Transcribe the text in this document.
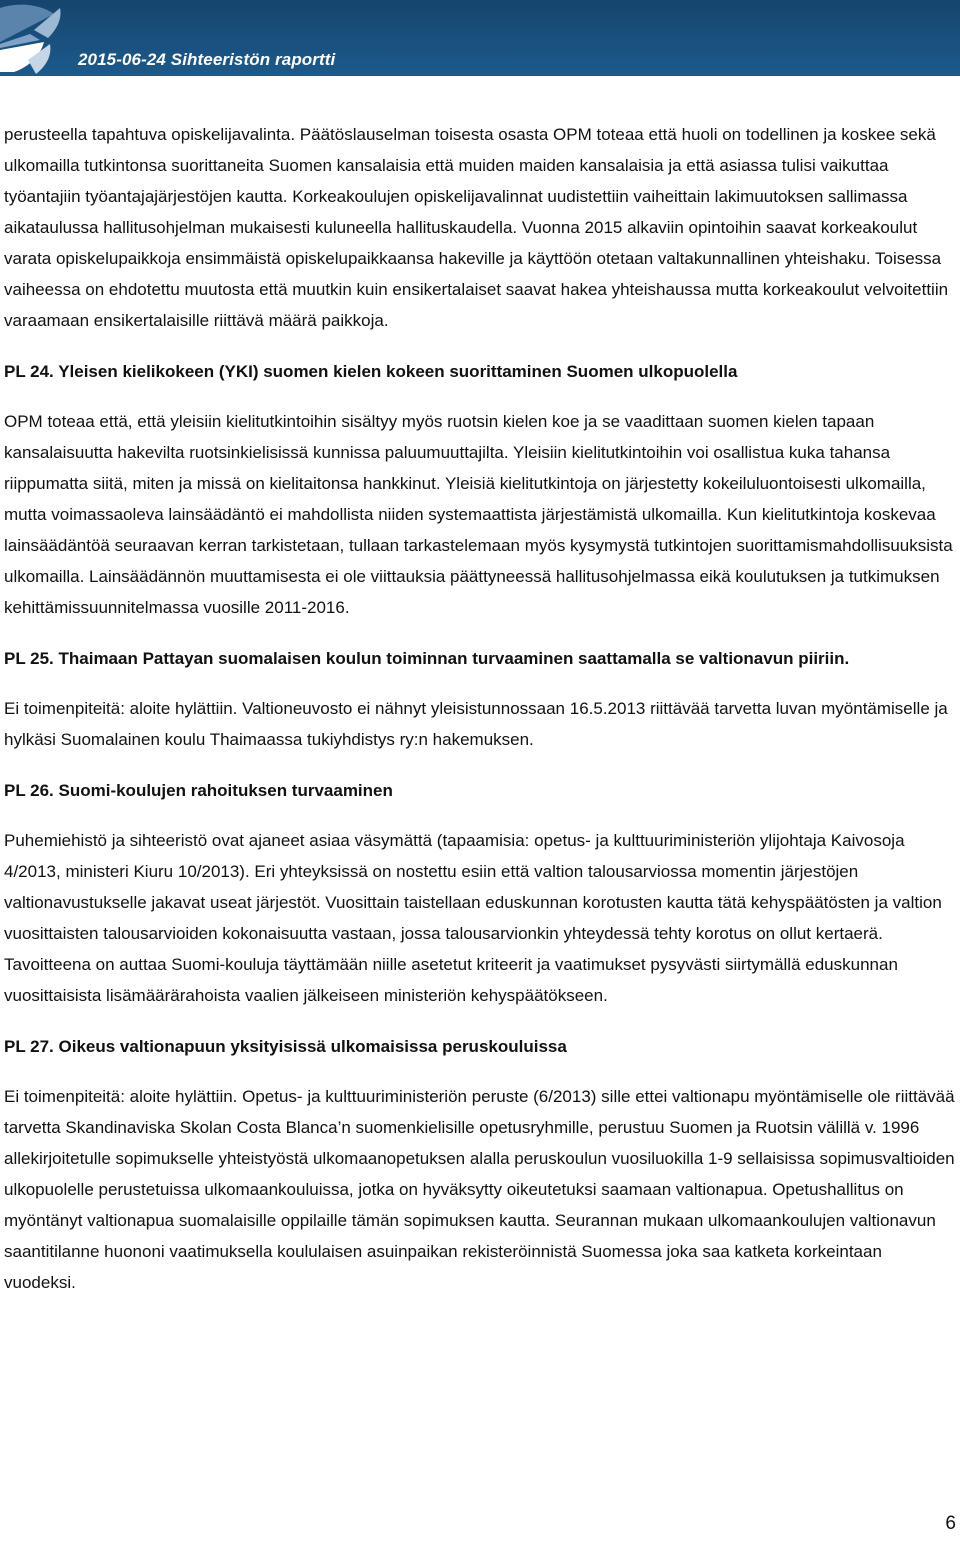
2015-06-24 Sihteeristön raportti

perusteella tapahtuva opiskelijavalinta. Päätöslauselman toisesta osasta OPM toteaa että huoli on todellinen ja koskee sekä ulkomailla tutkintonsa suorittaneita Suomen kansalaisia että muiden maiden kansalaisia ja että asiassa tulisi vaikuttaa työantajiin työantajajärjestöjen kautta. Korkeakoulujen opiskelijavalinnat uudistettiin vaiheittain lakimuutoksen sallimassa aikataulussa hallitusohjelman mukaisesti kuluneella hallituskaudella. Vuonna 2015 alkaviin opintoihin saavat korkeakoulut varata opiskelupaikkoja ensimmäistä opiskelupaikkaansa hakeville ja käyttöön otetaan valtakunnallinen yhteishaku. Toisessa vaiheessa on ehdotettu muutosta että muutkin kuin ensikertalaiset saavat hakea yhteishaussa mutta korkeakoulut velvoitettiin varaamaan ensikertalaisille riittävä määrä paikkoja.

PL 24. Yleisen kielikokeen (YKI) suomen kielen kokeen suorittaminen Suomen ulkopuolella

OPM toteaa että, että yleisiin kielitutkintoihin sisältyy myös ruotsin kielen koe ja se vaadittaan suomen kielen tapaan kansalaisuutta hakevilta ruotsinkielisissä kunnissa paluumuuttajilta. Yleisiin kielitutkintoihin voi osallistua kuka tahansa riippumatta siitä, miten ja missä on kielitaitonsa hankkinut. Yleisiä kielitutkintoja on järjestetty kokeiluluontoisesti ulkomailla, mutta voimassaoleva lainsäädäntö ei mahdollista niiden systemaattista järjestämistä ulkomailla. Kun kielitutkintoja koskevaa lainsäädäntöä seuraavan kerran tarkistetaan, tullaan tarkastelemaan myös kysymystä tutkintojen suorittamismahdollisuuksista ulkomailla. Lainsäädännön muuttamisesta ei ole viittauksia päättyneessä hallitusohjelmassa eikä koulutuksen ja tutkimuksen kehittämissuunnitelmassa vuosille 2011-2016.

PL 25. Thaimaan Pattayan suomalaisen koulun toiminnan turvaaminen saattamalla se valtionavun piiriin.

Ei toimenpiteitä: aloite hylättiin. Valtioneuvosto ei nähnyt yleisistunnossaan 16.5.2013 riittävää tarvetta luvan myöntämiselle ja hylkäsi Suomalainen koulu Thaimaassa tukiyhdistys ry:n hakemuksen.

PL 26. Suomi-koulujen rahoituksen turvaaminen

Puhemiehistö ja sihteeristö ovat ajaneet asiaa väsymättä (tapaamisia: opetus- ja kulttuuriministeriön ylijohtaja Kaivosoja 4/2013, ministeri Kiuru 10/2013). Eri yhteyksissä on nostettu esiin että valtion talousarviossa momentin järjestöjen valtionavustukselle jakavat useat järjestöt. Vuosittain taistellaan eduskunnan korotusten kautta tätä kehyspäätösten ja valtion vuosittaisten talousarvioiden kokonaisuutta vastaan, jossa talousarvionkin yhteydessä tehty korotus on ollut kertaerä. Tavoitteena on auttaa Suomi-kouluja täyttämään niille asetetut kriteerit ja vaatimukset pysyvästi siirtymällä eduskunnan vuosittaisista lisämäärärahoista vaalien jälkeiseen ministeriön kehyspäätökseen.

PL 27. Oikeus valtionapuun yksityisissä ulkomaisissa peruskouluissa

Ei toimenpiteitä: aloite hylättiin. Opetus- ja kulttuuriministeriön peruste (6/2013) sille ettei valtionapu myöntämiselle ole riittävää tarvetta Skandinaviska Skolan Costa Blanca’n suomenkielisille opetusryhmille, perustuu Suomen ja Ruotsin välillä v. 1996 allekirjoitetulle sopimukselle yhteistyöstä ulkomaanopetuksen alalla peruskoulun vuosiluokilla 1-9 sellaisissa sopimusvaltioiden ulkopuolelle perustetuissa ulkomaankouluissa, jotka on hyväksytty oikeutetuksi saamaan valtionapua. Opetushallitus on myöntänyt valtionapua suomalaisille oppilaille tämän sopimuksen kautta. Seurannan mukaan ulkomaankoulujen valtionavun saantitilanne huononi vaatimuksella koululaisen asuinpaikan rekisteröinnistä Suomessa joka saa katketa korkeintaan vuodeksi.

6
